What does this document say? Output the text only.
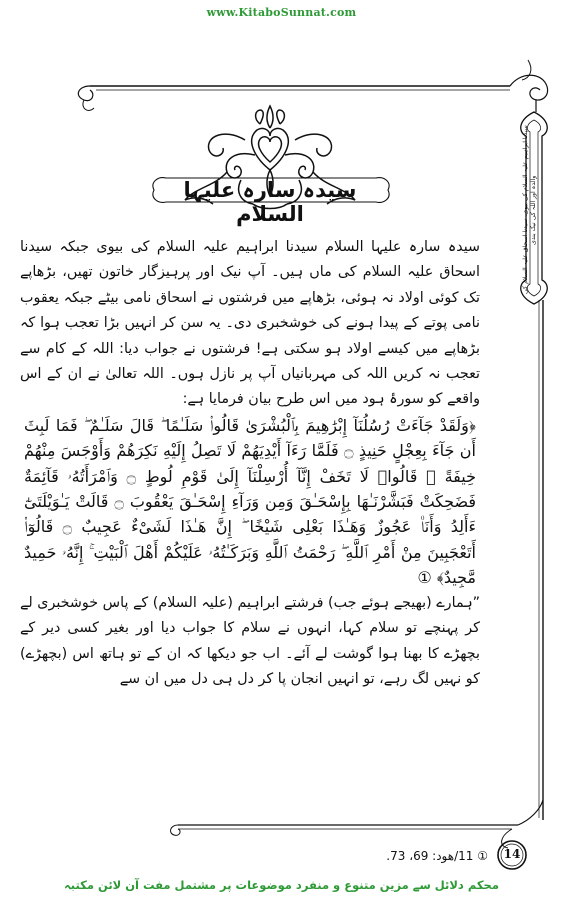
www.KitaboSunnat.com
سیدنا ابراہیم علیہ السلام کی بیوی، سیدنا اسحاق علیہ السلام کی والدہ اور اللہ کی نیک بندی
سیدہ سارہ علیہا السلام

سیدہ سارہ علیہا السلام سیدنا ابراہیم علیہ السلام کی بیوی جبکہ سیدنا اسحاق علیہ السلام کی ماں ہیں۔ آپ نیک اور پرہیزگار خاتون تھیں، بڑھاپے تک کوئی اولاد نہ ہوئی، بڑھاپے میں فرشتوں نے اسحاق نامی بیٹے جبکہ یعقوب نامی پوتے کے پیدا ہونے کی خوشخبری دی۔ یہ سن کر انہیں بڑا تعجب ہوا کہ بڑھاپے میں کیسے اولاد ہو سکتی ہے! فرشتوں نے جواب دیا: اللہ کے کام سے تعجب نہ کریں اللہ کی مہربانیاں آپ پر نازل ہوں۔ اللہ تعالیٰ نے ان کے اس واقعے کو سورۂ ہود میں اس طرح بیان فرمایا ہے:

﴿وَلَقَدْ جَآءَتْ رُسُلُنَآ إِبْرَٰهِيمَ بِٱلْبُشْرَىٰ قَالُوا۟ سَلَـٰمًا ۖ قَالَ سَلَـٰمٌ ۖ فَمَا لَبِثَ أَن جَآءَ بِعِجْلٍ حَنِيذٍ ۝ فَلَمَّا رَءَآ أَيْدِيَهُمْ لَا تَصِلُ إِلَيْهِ نَكِرَهُمْ وَأَوْجَسَ مِنْهُمْ خِيفَةً ۚ قَالُوا۟ لَا تَخَفْ إِنَّآ أُرْسِلْنَآ إِلَىٰ قَوْمِ لُوطٍ ۝ وَٱمْرَأَتُهُۥ قَآئِمَةٌ فَضَحِكَتْ فَبَشَّرْنَـٰهَا بِإِسْحَـٰقَ وَمِن وَرَآءِ إِسْحَـٰقَ يَعْقُوبَ ۝ قَالَتْ يَـٰوَيْلَتَىٰٓ ءَأَلِدُ وَأَنَا۠ عَجُوزٌ وَهَـٰذَا بَعْلِى شَيْخًا ۖ إِنَّ هَـٰذَا لَشَىْءٌ عَجِيبٌ ۝ قَالُوٓا۟ أَتَعْجَبِينَ مِنْ أَمْرِ ٱللَّهِ ۖ رَحْمَتُ ٱللَّهِ وَبَرَكَـٰتُهُۥ عَلَيْكُمْ أَهْلَ ٱلْبَيْتِ ۚ إِنَّهُۥ حَمِيدٌ مَّجِيدٌ﴾ ①

”ہمارے (بھیجے ہوئے جب) فرشتے ابراہیم (علیہ السلام) کے پاس خوشخبری لے کر پہنچے تو سلام کہا، انہوں نے سلام کا جواب دیا اور بغیر کسی دیر کے بچھڑے کا بھنا ہوا گوشت لے آئے۔ اب جو دیکھا کہ ان کے تو ہاتھ اس (بچھڑے) کو نہیں لگ رہے، تو انہیں انجان پا کر دل ہی دل میں ان سے

14
① 11/ھود: 69، 73.
محکم دلائل سے مزین متنوع و منفرد موضوعات پر مشتمل مفت آن لائن مکتبہ
